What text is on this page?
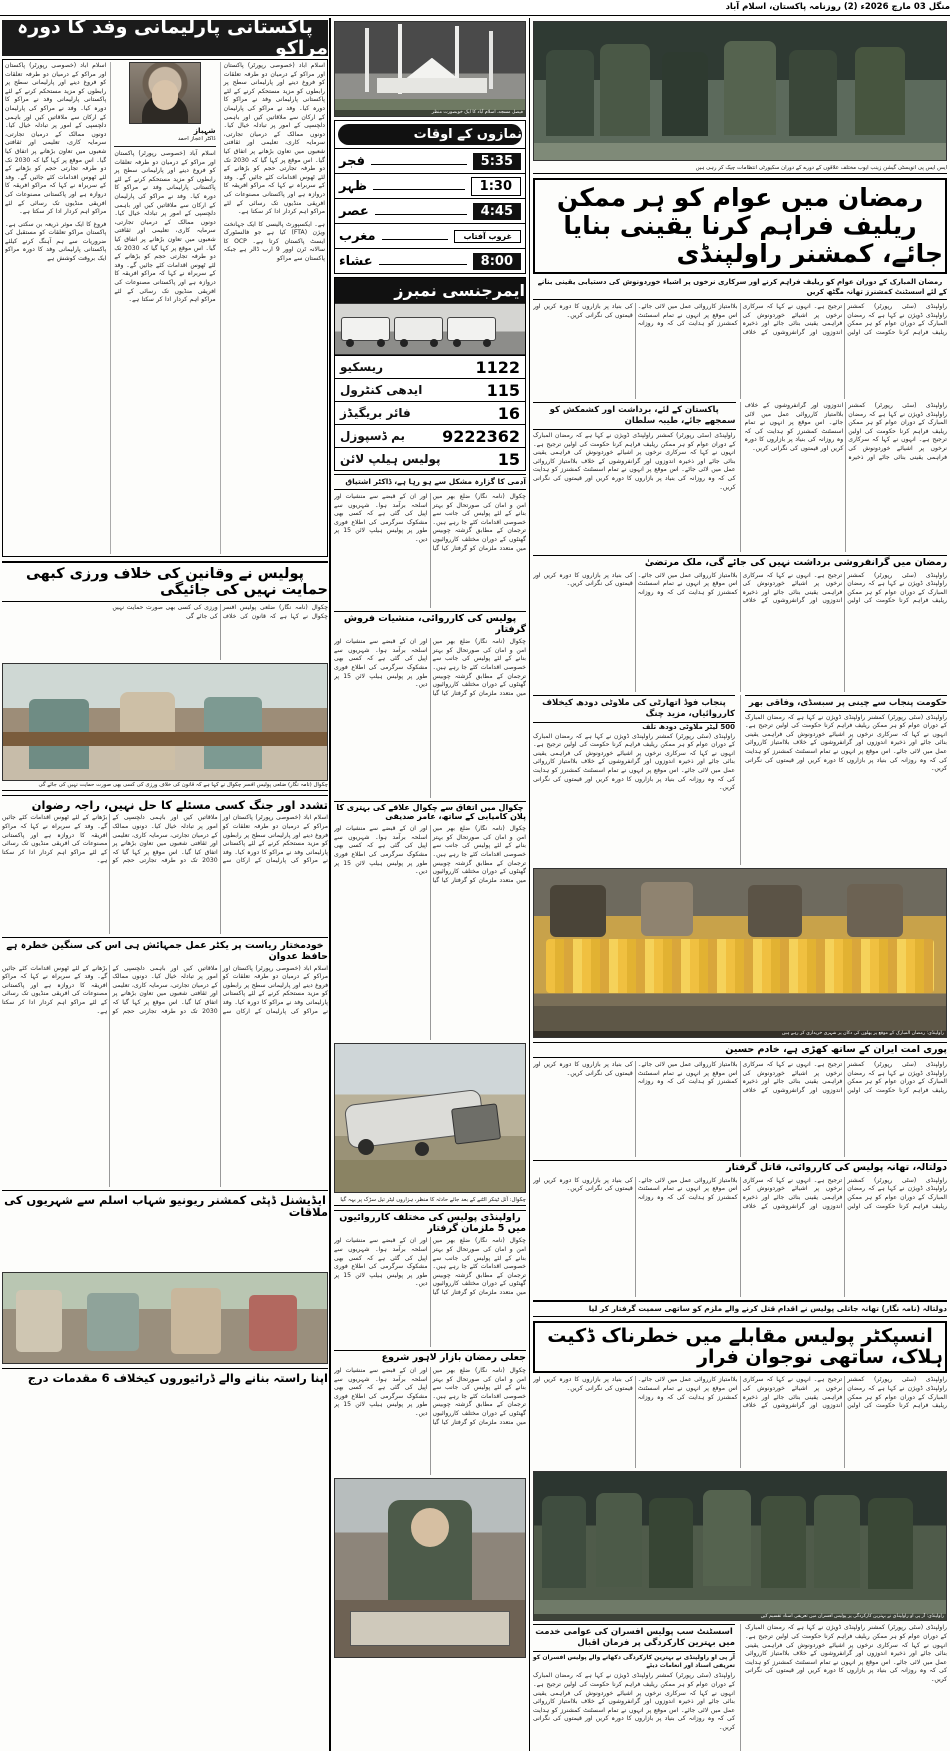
منگل 03 مارچ 2026ء (2) روزنامہ پاکستان، اسلام آباد
پاکستانی پارلیمانی وفد کا دورہ مراکو

اسلام آباد (خصوصی رپورٹر) پاکستان اور مراکو کے درمیان دو طرفہ تعلقات کو فروغ دینے اور پارلیمانی سطح پر رابطوں کو مزید مستحکم کرنے کے لئے پاکستانی پارلیمانی وفد نے مراکو کا دورہ کیا۔ وفد نے مراکو کی پارلیمان کے ارکان سے ملاقاتیں کیں اور باہمی دلچسپی کے امور پر تبادلہ خیال کیا۔ دونوں ممالک کے درمیان تجارتی، سرمایہ کاری، تعلیمی اور ثقافتی شعبوں میں تعاون بڑھانے پر اتفاق کیا گیا۔ اس موقع پر کہا گیا کہ 2030 تک دو طرفہ تجارتی حجم کو بڑھانے کے لئے ٹھوس اقدامات کئے جائیں گے۔ وفد کے سربراہ نے کہا کہ مراکو افریقہ کا دروازہ ہے اور پاکستانی مصنوعات کی افریقی منڈیوں تک رسائی کے لئے مراکو اہم کردار ادا کر سکتا ہے۔

ہے۔ ایکسپورٹ پالیسی کا ایک جہانخت ویژن (FTA) کیا ہے جو فالسٹورک ایسٹ پاکستان کرتا ہے۔ OCP کا سالانہ ٹرن اوور 9 ارب ڈالر ہے جبکہ پاکستان سے مراکو

شہباز
ڈاکٹر اعجاز احمد

اسلام آباد (خصوصی رپورٹر) پاکستان اور مراکو کے درمیان دو طرفہ تعلقات کو فروغ دینے اور پارلیمانی سطح پر رابطوں کو مزید مستحکم کرنے کے لئے پاکستانی پارلیمانی وفد نے مراکو کا دورہ کیا۔ وفد نے مراکو کی پارلیمان کے ارکان سے ملاقاتیں کیں اور باہمی دلچسپی کے امور پر تبادلہ خیال کیا۔ دونوں ممالک کے درمیان تجارتی، سرمایہ کاری، تعلیمی اور ثقافتی شعبوں میں تعاون بڑھانے پر اتفاق کیا گیا۔ اس موقع پر کہا گیا کہ 2030 تک دو طرفہ تجارتی حجم کو بڑھانے کے لئے ٹھوس اقدامات کئے جائیں گے۔ وفد کے سربراہ نے کہا کہ مراکو افریقہ کا دروازہ ہے اور پاکستانی مصنوعات کی افریقی منڈیوں تک رسائی کے لئے مراکو اہم کردار ادا کر سکتا ہے۔

اسلام آباد (خصوصی رپورٹر) پاکستان اور مراکو کے درمیان دو طرفہ تعلقات کو فروغ دینے اور پارلیمانی سطح پر رابطوں کو مزید مستحکم کرنے کے لئے پاکستانی پارلیمانی وفد نے مراکو کا دورہ کیا۔ وفد نے مراکو کی پارلیمان کے ارکان سے ملاقاتیں کیں اور باہمی دلچسپی کے امور پر تبادلہ خیال کیا۔ دونوں ممالک کے درمیان تجارتی، سرمایہ کاری، تعلیمی اور ثقافتی شعبوں میں تعاون بڑھانے پر اتفاق کیا گیا۔ اس موقع پر کہا گیا کہ 2030 تک دو طرفہ تجارتی حجم کو بڑھانے کے لئے ٹھوس اقدامات کئے جائیں گے۔ وفد کے سربراہ نے کہا کہ مراکو افریقہ کا دروازہ ہے اور پاکستانی مصنوعات کی افریقی منڈیوں تک رسائی کے لئے مراکو اہم کردار ادا کر سکتا ہے۔

فروغ کا ایک موثر ذریعہ بن سکتی ہے۔ پاکستان مراکو تعلقات کو مستقبل کی ضروریات سے ہم آہنگ کرنے کیلئے پاکستانی پارلیمانی وفد کا دورہ مراکو ایک بروقت کوشش ہے

پولیس نے وقانین کی خلاف ورزی کبھی حمایت نہیں کی جائیگی
چکوال (نامہ نگار) ضلعی پولیس افسر چکوال نے کہا ہے کہ قانون کی خلاف ورزی کی کسی بھی صورت حمایت نہیں کی جائے گی
چکوال (نامہ نگار) ضلعی پولیس افسر چکوال نے کہا ہے کہ قانون کی خلاف ورزی کی کسی بھی صورت حمایت نہیں کی جائے گی
تشدد اور جنگ کسی مسئلے کا حل نہیں، راجہ رضوان
اسلام آباد (خصوصی رپورٹر) پاکستان اور مراکو کے درمیان دو طرفہ تعلقات کو فروغ دینے اور پارلیمانی سطح پر رابطوں کو مزید مستحکم کرنے کے لئے پاکستانی پارلیمانی وفد نے مراکو کا دورہ کیا۔ وفد نے مراکو کی پارلیمان کے ارکان سے ملاقاتیں کیں اور باہمی دلچسپی کے امور پر تبادلہ خیال کیا۔ دونوں ممالک کے درمیان تجارتی، سرمایہ کاری، تعلیمی اور ثقافتی شعبوں میں تعاون بڑھانے پر اتفاق کیا گیا۔ اس موقع پر کہا گیا کہ 2030 تک دو طرفہ تجارتی حجم کو بڑھانے کے لئے ٹھوس اقدامات کئے جائیں گے۔ وفد کے سربراہ نے کہا کہ مراکو افریقہ کا دروازہ ہے اور پاکستانی مصنوعات کی افریقی منڈیوں تک رسائی کے لئے مراکو اہم کردار ادا کر سکتا ہے۔
خودمختار ریاست پر یکٹر عمل جمہائش ہی اس کی سنگین خطرہ ہے حافظ عدوان
اسلام آباد (خصوصی رپورٹر) پاکستان اور مراکو کے درمیان دو طرفہ تعلقات کو فروغ دینے اور پارلیمانی سطح پر رابطوں کو مزید مستحکم کرنے کے لئے پاکستانی پارلیمانی وفد نے مراکو کا دورہ کیا۔ وفد نے مراکو کی پارلیمان کے ارکان سے ملاقاتیں کیں اور باہمی دلچسپی کے امور پر تبادلہ خیال کیا۔ دونوں ممالک کے درمیان تجارتی، سرمایہ کاری، تعلیمی اور ثقافتی شعبوں میں تعاون بڑھانے پر اتفاق کیا گیا۔ اس موقع پر کہا گیا کہ 2030 تک دو طرفہ تجارتی حجم کو بڑھانے کے لئے ٹھوس اقدامات کئے جائیں گے۔ وفد کے سربراہ نے کہا کہ مراکو افریقہ کا دروازہ ہے اور پاکستانی مصنوعات کی افریقی منڈیوں تک رسائی کے لئے مراکو اہم کردار ادا کر سکتا ہے۔
ایڈیشنل ڈپٹی کمشنر ریونیو شہاب اسلم سے شہریوں کی ملاقات
اپنا راستہ بنانے والے ڈرائیوروں کیخلاف 6 مقدمات درج
فیصل مسجد، اسلام آباد کا ایک خوبصورت منظر
نمازوں کے اوقات
5:35
فجر
1:30
ظہر
4:45
عصر
غروب آفتاب
مغرب
8:00
عشاء
ایمرجنسی نمبرز
1122
ریسکیو
115
ایدھی کنٹرول
16
فائر بریگیڈز
9222362
بم ڈسپوزل
15
پولیس ہیلپ لائن
آدمی کا گزارہ مشکل سے ہو رہا ہے، ڈاکٹر اشتیاق
چکوال (نامہ نگار) ضلع بھر میں امن و امان کی صورتحال کو بہتر بنانے کے لئے پولیس کی جانب سے خصوصی اقدامات کئے جا رہے ہیں۔ ترجمان کے مطابق گزشتہ چوبیس گھنٹوں کے دوران مختلف کارروائیوں میں متعدد ملزمان کو گرفتار کیا گیا اور ان کے قبضے سے منشیات اور اسلحہ برآمد ہوا۔ شہریوں سے اپیل کی گئی ہے کہ کسی بھی مشکوک سرگرمی کی اطلاع فوری طور پر پولیس ہیلپ لائن 15 پر دیں۔
پولیس کی کارروائی، منشیات فروش گرفتار
چکوال (نامہ نگار) ضلع بھر میں امن و امان کی صورتحال کو بہتر بنانے کے لئے پولیس کی جانب سے خصوصی اقدامات کئے جا رہے ہیں۔ ترجمان کے مطابق گزشتہ چوبیس گھنٹوں کے دوران مختلف کارروائیوں میں متعدد ملزمان کو گرفتار کیا گیا اور ان کے قبضے سے منشیات اور اسلحہ برآمد ہوا۔ شہریوں سے اپیل کی گئی ہے کہ کسی بھی مشکوک سرگرمی کی اطلاع فوری طور پر پولیس ہیلپ لائن 15 پر دیں۔
چکوال میں اتفاق سے چکوال علاقے کی بہتری کا پلان کامیابی کے ساتھ، عامر صدیقی
چکوال (نامہ نگار) ضلع بھر میں امن و امان کی صورتحال کو بہتر بنانے کے لئے پولیس کی جانب سے خصوصی اقدامات کئے جا رہے ہیں۔ ترجمان کے مطابق گزشتہ چوبیس گھنٹوں کے دوران مختلف کارروائیوں میں متعدد ملزمان کو گرفتار کیا گیا اور ان کے قبضے سے منشیات اور اسلحہ برآمد ہوا۔ شہریوں سے اپیل کی گئی ہے کہ کسی بھی مشکوک سرگرمی کی اطلاع فوری طور پر پولیس ہیلپ لائن 15 پر دیں۔
چکوال: آئل ٹینکر الٹنے کے بعد جائے حادثہ کا منظر، ہزاروں لیٹر تیل سڑک پر بہہ گیا
راولپنڈی پولیس کی مختلف کارروائیوں میں 5 ملزمان گرفتار
چکوال (نامہ نگار) ضلع بھر میں امن و امان کی صورتحال کو بہتر بنانے کے لئے پولیس کی جانب سے خصوصی اقدامات کئے جا رہے ہیں۔ ترجمان کے مطابق گزشتہ چوبیس گھنٹوں کے دوران مختلف کارروائیوں میں متعدد ملزمان کو گرفتار کیا گیا اور ان کے قبضے سے منشیات اور اسلحہ برآمد ہوا۔ شہریوں سے اپیل کی گئی ہے کہ کسی بھی مشکوک سرگرمی کی اطلاع فوری طور پر پولیس ہیلپ لائن 15 پر دیں۔
جعلی رمضان بازار لاہور شروع
چکوال (نامہ نگار) ضلع بھر میں امن و امان کی صورتحال کو بہتر بنانے کے لئے پولیس کی جانب سے خصوصی اقدامات کئے جا رہے ہیں۔ ترجمان کے مطابق گزشتہ چوبیس گھنٹوں کے دوران مختلف کارروائیوں میں متعدد ملزمان کو گرفتار کیا گیا اور ان کے قبضے سے منشیات اور اسلحہ برآمد ہوا۔ شہریوں سے اپیل کی گئی ہے کہ کسی بھی مشکوک سرگرمی کی اطلاع فوری طور پر پولیس ہیلپ لائن 15 پر دیں۔
ایس ایس پی انویسٹی گیشن زینب ایوب مختلف علاقوں کے دورے کے دوران سکیورٹی انتظامات چیک کر رہی ہیں
رمضان میں عوام کو ہر ممکن ریلیف فراہم کرنا یقینی بنایا جائے، کمشنر راولپنڈی
رمضان المبارک کے دوران عوام کو ریلیف فراہم کرنے اور سرکاری نرخوں پر اشیاء خوردونوش کی دستیابی یقینی بنانے کے لئے اسسٹنٹ کمشنرز تھانہ مگٹھ کریں
راولپنڈی (سٹی رپورٹر) کمشنر راولپنڈی ڈویژن نے کہا ہے کہ رمضان المبارک کے دوران عوام کو ہر ممکن ریلیف فراہم کرنا حکومت کی اولین ترجیح ہے۔ انہوں نے کہا کہ سرکاری نرخوں پر اشیائے خوردونوش کی فراہمی یقینی بنائی جائے اور ذخیرہ اندوزوں اور گرانفروشوں کے خلاف بلاامتیاز کارروائی عمل میں لائی جائے۔ اس موقع پر انہوں نے تمام اسسٹنٹ کمشنرز کو ہدایت کی کہ وہ روزانہ کی بنیاد پر بازاروں کا دورہ کریں اور قیمتوں کی نگرانی کریں۔
راولپنڈی (سٹی رپورٹر) کمشنر راولپنڈی ڈویژن نے کہا ہے کہ رمضان المبارک کے دوران عوام کو ہر ممکن ریلیف فراہم کرنا حکومت کی اولین ترجیح ہے۔ انہوں نے کہا کہ سرکاری نرخوں پر اشیائے خوردونوش کی فراہمی یقینی بنائی جائے اور ذخیرہ اندوزوں اور گرانفروشوں کے خلاف بلاامتیاز کارروائی عمل میں لائی جائے۔ اس موقع پر انہوں نے تمام اسسٹنٹ کمشنرز کو ہدایت کی کہ وہ روزانہ کی بنیاد پر بازاروں کا دورہ کریں اور قیمتوں کی نگرانی کریں۔
پاکستان کے لئے، برداشت اور کشمکش کو سمجھے جائے، طیبہ سلطان
راولپنڈی (سٹی رپورٹر) کمشنر راولپنڈی ڈویژن نے کہا ہے کہ رمضان المبارک کے دوران عوام کو ہر ممکن ریلیف فراہم کرنا حکومت کی اولین ترجیح ہے۔ انہوں نے کہا کہ سرکاری نرخوں پر اشیائے خوردونوش کی فراہمی یقینی بنائی جائے اور ذخیرہ اندوزوں اور گرانفروشوں کے خلاف بلاامتیاز کارروائی عمل میں لائی جائے۔ اس موقع پر انہوں نے تمام اسسٹنٹ کمشنرز کو ہدایت کی کہ وہ روزانہ کی بنیاد پر بازاروں کا دورہ کریں اور قیمتوں کی نگرانی کریں۔
رمضان میں گرانفروشی برداشت نہیں کی جائے گی، ملک مرتضیٰ
راولپنڈی (سٹی رپورٹر) کمشنر راولپنڈی ڈویژن نے کہا ہے کہ رمضان المبارک کے دوران عوام کو ہر ممکن ریلیف فراہم کرنا حکومت کی اولین ترجیح ہے۔ انہوں نے کہا کہ سرکاری نرخوں پر اشیائے خوردونوش کی فراہمی یقینی بنائی جائے اور ذخیرہ اندوزوں اور گرانفروشوں کے خلاف بلاامتیاز کارروائی عمل میں لائی جائے۔ اس موقع پر انہوں نے تمام اسسٹنٹ کمشنرز کو ہدایت کی کہ وہ روزانہ کی بنیاد پر بازاروں کا دورہ کریں اور قیمتوں کی نگرانی کریں۔
حکومت پنجاب سے چینی پر سبسڈی، وفاقی بھر
راولپنڈی (سٹی رپورٹر) کمشنر راولپنڈی ڈویژن نے کہا ہے کہ رمضان المبارک کے دوران عوام کو ہر ممکن ریلیف فراہم کرنا حکومت کی اولین ترجیح ہے۔ انہوں نے کہا کہ سرکاری نرخوں پر اشیائے خوردونوش کی فراہمی یقینی بنائی جائے اور ذخیرہ اندوزوں اور گرانفروشوں کے خلاف بلاامتیاز کارروائی عمل میں لائی جائے۔ اس موقع پر انہوں نے تمام اسسٹنٹ کمشنرز کو ہدایت کی کہ وہ روزانہ کی بنیاد پر بازاروں کا دورہ کریں اور قیمتوں کی نگرانی کریں۔
پنجاب فوڈ اتھارٹی کی ملاوٹی دودھ کیخلاف کارروائیاں، مزید چنگ
500 لیٹر ملاوٹی دودھ تلف
راولپنڈی (سٹی رپورٹر) کمشنر راولپنڈی ڈویژن نے کہا ہے کہ رمضان المبارک کے دوران عوام کو ہر ممکن ریلیف فراہم کرنا حکومت کی اولین ترجیح ہے۔ انہوں نے کہا کہ سرکاری نرخوں پر اشیائے خوردونوش کی فراہمی یقینی بنائی جائے اور ذخیرہ اندوزوں اور گرانفروشوں کے خلاف بلاامتیاز کارروائی عمل میں لائی جائے۔ اس موقع پر انہوں نے تمام اسسٹنٹ کمشنرز کو ہدایت کی کہ وہ روزانہ کی بنیاد پر بازاروں کا دورہ کریں اور قیمتوں کی نگرانی کریں۔
راولپنڈی: رمضان المبارک کے موقع پر پھلوں کی دکان پر شہری خریداری کر رہے ہیں
پوری امت ایران کے ساتھ کھڑی ہے، خادم حسین
راولپنڈی (سٹی رپورٹر) کمشنر راولپنڈی ڈویژن نے کہا ہے کہ رمضان المبارک کے دوران عوام کو ہر ممکن ریلیف فراہم کرنا حکومت کی اولین ترجیح ہے۔ انہوں نے کہا کہ سرکاری نرخوں پر اشیائے خوردونوش کی فراہمی یقینی بنائی جائے اور ذخیرہ اندوزوں اور گرانفروشوں کے خلاف بلاامتیاز کارروائی عمل میں لائی جائے۔ اس موقع پر انہوں نے تمام اسسٹنٹ کمشنرز کو ہدایت کی کہ وہ روزانہ کی بنیاد پر بازاروں کا دورہ کریں اور قیمتوں کی نگرانی کریں۔
دولتالہ، تھانہ پولیس کی کارروائی، قاتل گرفتار
راولپنڈی (سٹی رپورٹر) کمشنر راولپنڈی ڈویژن نے کہا ہے کہ رمضان المبارک کے دوران عوام کو ہر ممکن ریلیف فراہم کرنا حکومت کی اولین ترجیح ہے۔ انہوں نے کہا کہ سرکاری نرخوں پر اشیائے خوردونوش کی فراہمی یقینی بنائی جائے اور ذخیرہ اندوزوں اور گرانفروشوں کے خلاف بلاامتیاز کارروائی عمل میں لائی جائے۔ اس موقع پر انہوں نے تمام اسسٹنٹ کمشنرز کو ہدایت کی کہ وہ روزانہ کی بنیاد پر بازاروں کا دورہ کریں اور قیمتوں کی نگرانی کریں۔
دولتالہ (نامہ نگار) تھانہ جاتلی پولیس نے اقدام قتل کرنے والے ملزم کو ساتھی سمیت گرفتار کر لیا
انسپکٹر پولیس مقابلے میں خطرناک ڈکیت ہلاک، ساتھی نوجوان فرار
راولپنڈی (سٹی رپورٹر) کمشنر راولپنڈی ڈویژن نے کہا ہے کہ رمضان المبارک کے دوران عوام کو ہر ممکن ریلیف فراہم کرنا حکومت کی اولین ترجیح ہے۔ انہوں نے کہا کہ سرکاری نرخوں پر اشیائے خوردونوش کی فراہمی یقینی بنائی جائے اور ذخیرہ اندوزوں اور گرانفروشوں کے خلاف بلاامتیاز کارروائی عمل میں لائی جائے۔ اس موقع پر انہوں نے تمام اسسٹنٹ کمشنرز کو ہدایت کی کہ وہ روزانہ کی بنیاد پر بازاروں کا دورہ کریں اور قیمتوں کی نگرانی کریں۔
راولپنڈی: آر پی او راولپنڈی نے بہترین کارکردگی پر پولیس افسران میں تعریفی اسناد تقسیم کیں
راولپنڈی (سٹی رپورٹر) کمشنر راولپنڈی ڈویژن نے کہا ہے کہ رمضان المبارک کے دوران عوام کو ہر ممکن ریلیف فراہم کرنا حکومت کی اولین ترجیح ہے۔ انہوں نے کہا کہ سرکاری نرخوں پر اشیائے خوردونوش کی فراہمی یقینی بنائی جائے اور ذخیرہ اندوزوں اور گرانفروشوں کے خلاف بلاامتیاز کارروائی عمل میں لائی جائے۔ اس موقع پر انہوں نے تمام اسسٹنٹ کمشنرز کو ہدایت کی کہ وہ روزانہ کی بنیاد پر بازاروں کا دورہ کریں اور قیمتوں کی نگرانی کریں۔
اسسٹنٹ سب پولیس افسران کی عوامی خدمت میں بہترین کارکردگی پر فرمان اقبال
آر پی او راولپنڈی نے بہترین کارکردگی دکھانے والے پولیس افسران کو تعریفی اسناد اور انعامات دیئے
راولپنڈی (سٹی رپورٹر) کمشنر راولپنڈی ڈویژن نے کہا ہے کہ رمضان المبارک کے دوران عوام کو ہر ممکن ریلیف فراہم کرنا حکومت کی اولین ترجیح ہے۔ انہوں نے کہا کہ سرکاری نرخوں پر اشیائے خوردونوش کی فراہمی یقینی بنائی جائے اور ذخیرہ اندوزوں اور گرانفروشوں کے خلاف بلاامتیاز کارروائی عمل میں لائی جائے۔ اس موقع پر انہوں نے تمام اسسٹنٹ کمشنرز کو ہدایت کی کہ وہ روزانہ کی بنیاد پر بازاروں کا دورہ کریں اور قیمتوں کی نگرانی کریں۔
